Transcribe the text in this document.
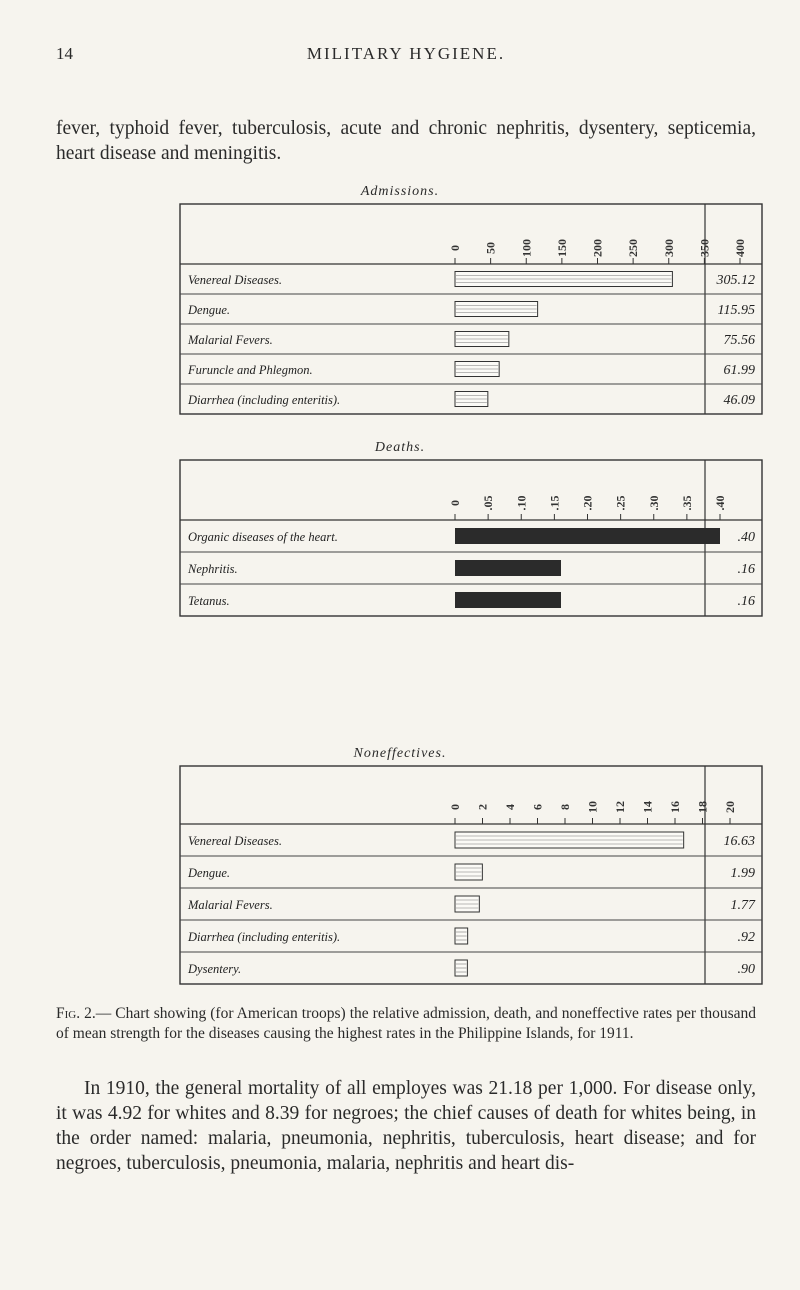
14	MILITARY HYGIENE.

fever, typhoid fever, tuberculosis, acute and chronic nephritis, dysentery, septicemia, heart disease and meningitis.

Admissions.
Deaths.
Noneffectives.
0 50 100 150 200 250 300 350 400
Venereal Diseases.	305.12
Dengue.	115.95
Malarial Fevers.	75.56
Furuncle and Phlegmon.	61.99
Diarrhea (including enteritis).	46.09
0 .05 .10 .15 .20 .25 .30 .35 .40
Organic diseases of the heart.	.40
Nephritis.	.16
Tetanus.	.16
0 2 4 6 8 10 12 14 16 18 20
Venereal Diseases.	16.63
Dengue.	1.99
Malarial Fevers.	1.77
Diarrhea (including enteritis).	.92
Dysentery.	.90

Fig. 2.— Chart showing (for American troops) the relative admission, death, and noneffective rates per thousand of mean strength for the diseases causing the highest rates in the Philippine Islands, for 1911.

In 1910, the general mortality of all employes was 21.18 per 1,000. For disease only, it was 4.92 for whites and 8.39 for negroes; the chief causes of death for whites being, in the order named: malaria, pneumonia, nephritis, tuberculosis, heart disease; and for negroes, tuberculosis, pneumonia, malaria, nephritis and heart dis-
